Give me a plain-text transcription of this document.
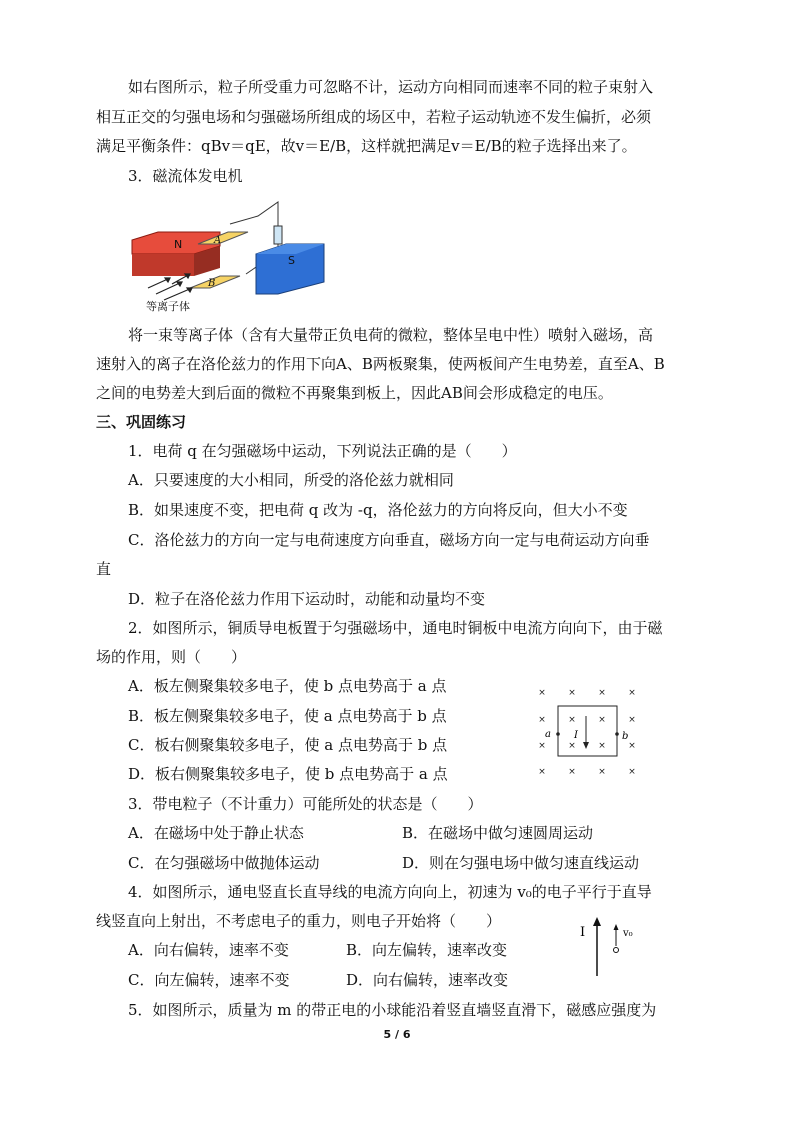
如右图所示，粒子所受重力可忽略不计，运动方向相同而速率不同的粒子束射入
相互正交的匀强电场和匀强磁场所组成的场区中，若粒子运动轨迹不发生偏折，必须
满足平衡条件：qBv＝qE，故v＝E/B，这样就把满足v＝E/B的粒子选择出来了。
3．磁流体发电机
N	A
B
S
等离子体
将一束等离子体（含有大量带正负电荷的微粒，整体呈电中性）喷射入磁场，高
速射入的离子在洛伦兹力的作用下向A、B两板聚集，使两板间产生电势差，直至A、B
之间的电势差大到后面的微粒不再聚集到板上，因此AB间会形成稳定的电压。
三、巩固练习
1．电荷 q 在匀强磁场中运动，下列说法正确的是（　　）
A．只要速度的大小相同，所受的洛伦兹力就相同
B．如果速度不变，把电荷 q 改为 -q，洛伦兹力的方向将反向，但大小不变
C．洛伦兹力的方向一定与电荷速度方向垂直，磁场方向一定与电荷运动方向垂
直
D．粒子在洛伦兹力作用下运动时，动能和动量均不变
2．如图所示，铜质导电板置于匀强磁场中，通电时铜板中电流方向向下，由于磁
场的作用，则（　　）
A．板左侧聚集较多电子，使 b 点电势高于 a 点
B．板左侧聚集较多电子，使 a 点电势高于 b 点
C．板右侧聚集较多电子，使 a 点电势高于 b 点
D．板右侧聚集较多电子，使 b 点电势高于 a 点
× × × ×
× × × ×
× × × ×
× × × ×
a	b
I
3．带电粒子（不计重力）可能所处的状态是（　　）
A．在磁场中处于静止状态	B．在磁场中做匀速圆周运动
C．在匀强磁场中做抛体运动	D．则在匀强电场中做匀速直线运动
4．如图所示，通电竖直长直导线的电流方向向上，初速为 v₀的电子平行于直导
线竖直向上射出，不考虑电子的重力，则电子开始将（　　）
A．向右偏转，速率不变	B．向左偏转，速率改变
C．向左偏转，速率不变	D．向右偏转，速率改变
I	v₀
5．如图所示，质量为 m 的带正电的小球能沿着竖直墙竖直滑下，磁感应强度为
5 / 6
